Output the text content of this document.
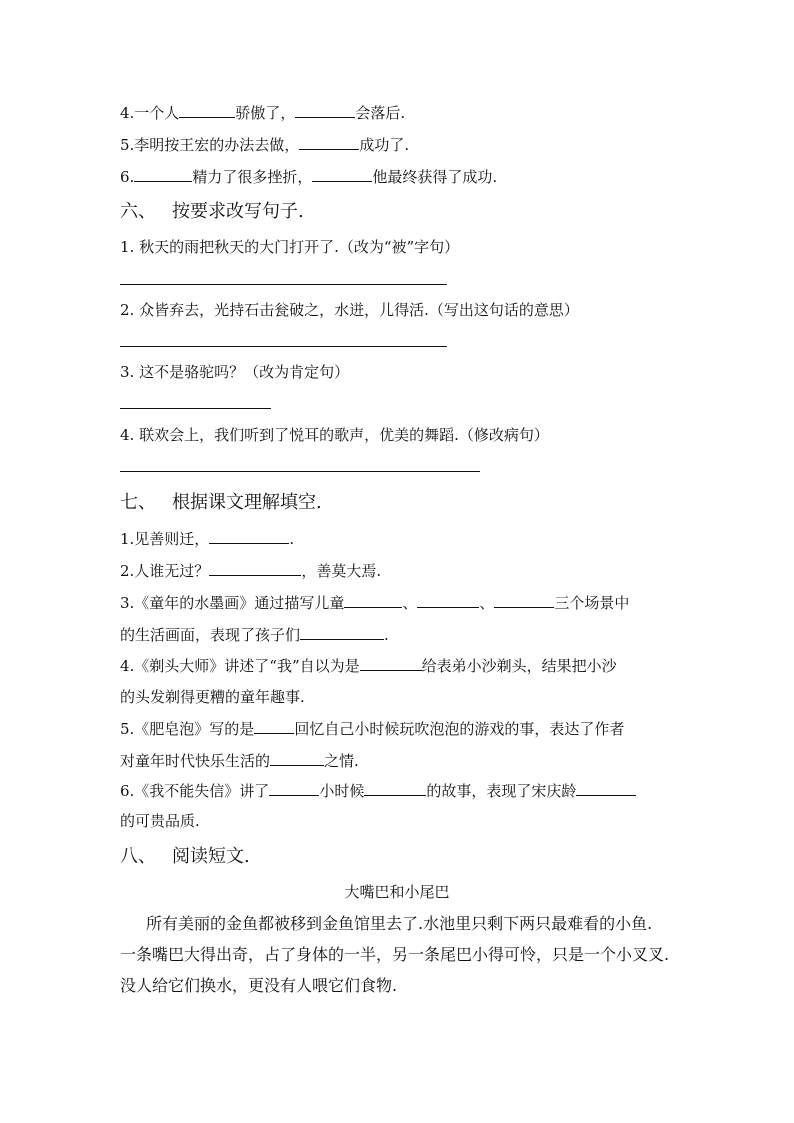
4.一个人	骄傲了，	会落后.
5.李明按王宏的办法去做，	成功了.
6.	精力了很多挫折，	他最终获得了成功.
六、 按要求改写句子.
1. 秋天的雨把秋天的大门打开了.（改为“被”字句）
2. 众皆弃去，光持石击瓮破之，水迸，儿得活.（写出这句话的意思）
3. 这不是骆驼吗？（改为肯定句）
4. 联欢会上，我们听到了悦耳的歌声，优美的舞蹈.（修改病句）
七、 根据课文理解填空.
1.见善则迁，	.
2.人谁无过？	，善莫大焉.
3.《童年的水墨画》通过描写儿童	、	、	三个场景中
的生活画面，表现了孩子们	.
4.《剃头大师》讲述了“我”自以为是	给表弟小沙剃头，结果把小沙
的头发剃得更糟的童年趣事.
5.《肥皂泡》写的是	回忆自己小时候玩吹泡泡的游戏的事，表达了作者
对童年时代快乐生活的	之情.
6.《我不能失信》讲了	小时候	的故事，表现了宋庆龄
的可贵品质.
八、 阅读短文.
大嘴巴和小尾巴
所有美丽的金鱼都被移到金鱼馆里去了.水池里只剩下两只最难看的小鱼.
一条嘴巴大得出奇，占了身体的一半，另一条尾巴小得可怜，只是一个小叉叉.
没人给它们换水，更没有人喂它们食物.
